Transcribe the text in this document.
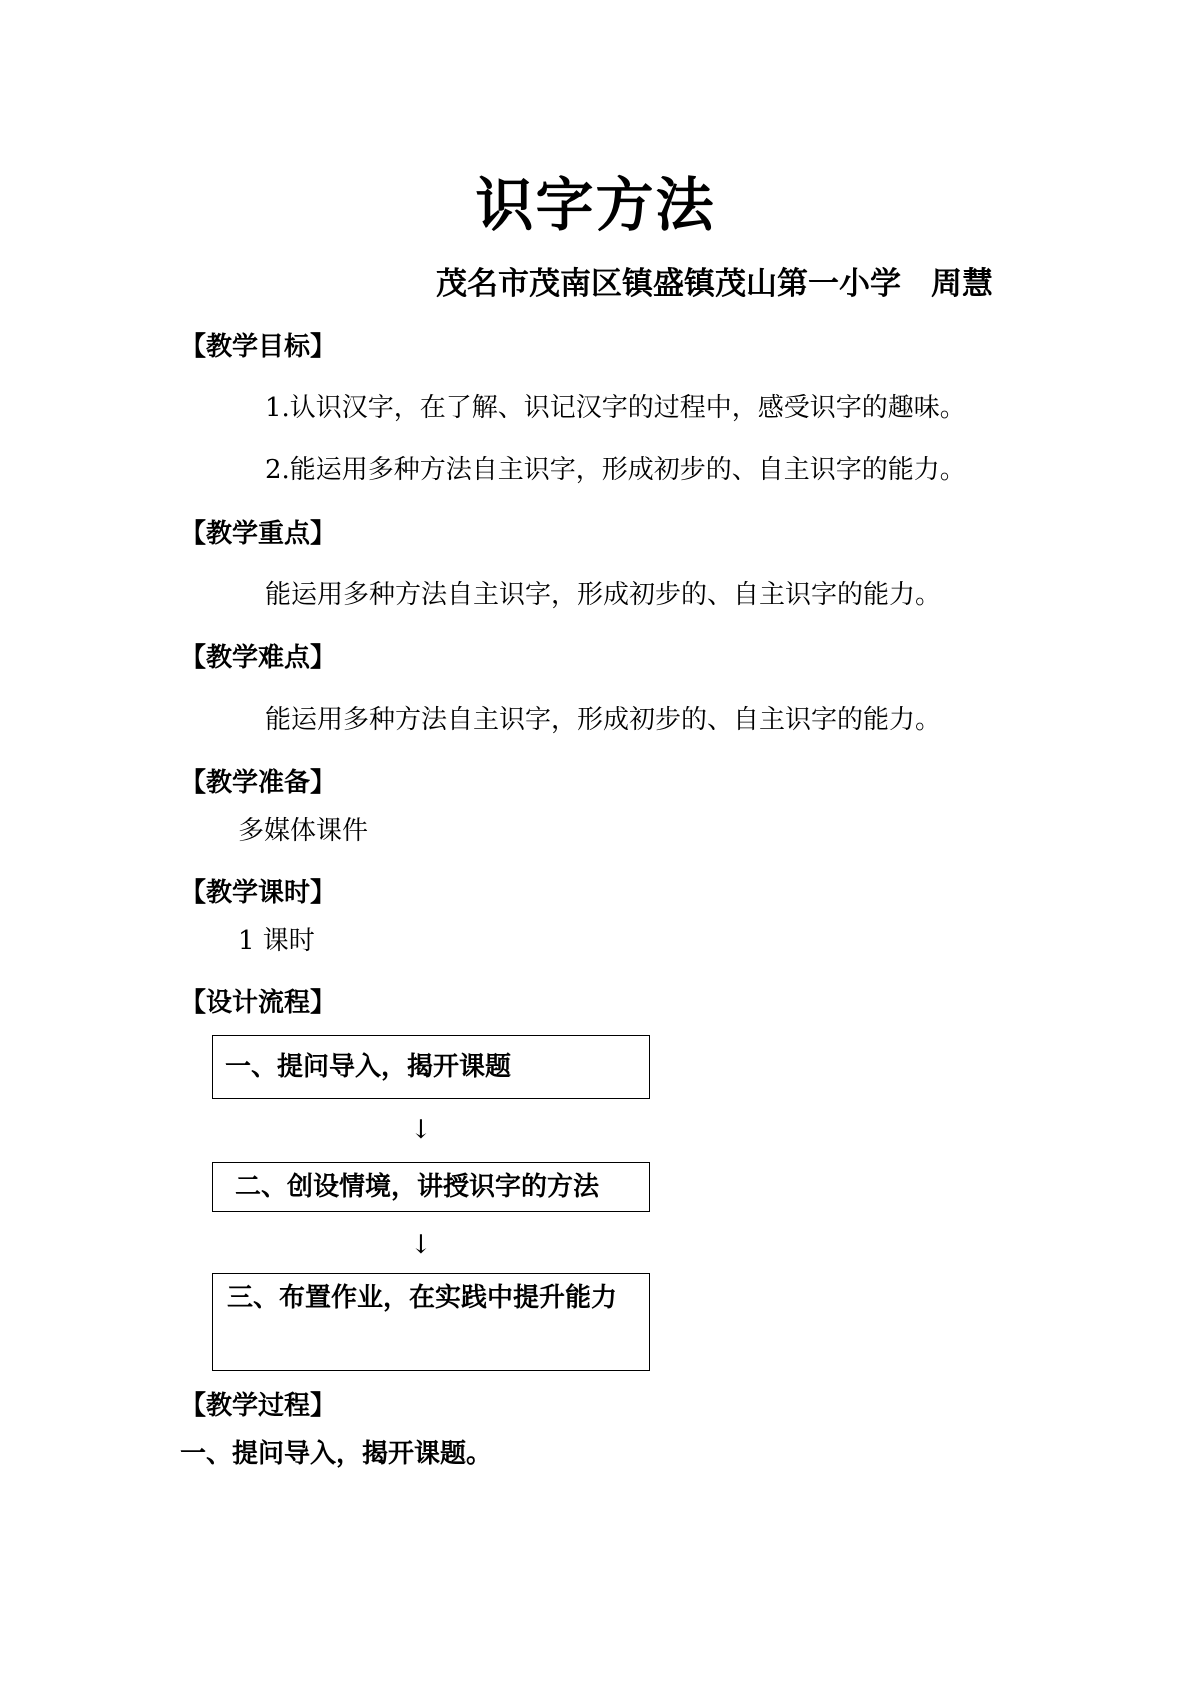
识字方法
茂名市茂南区镇盛镇茂山第一小学 周慧
【教学目标】
1.认识汉字，在了解、识记汉字的过程中，感受识字的趣味。
2.能运用多种方法自主识字，形成初步的、自主识字的能力。
【教学重点】
能运用多种方法自主识字，形成初步的、自主识字的能力。
【教学难点】
能运用多种方法自主识字，形成初步的、自主识字的能力。
【教学准备】
多媒体课件
【教学课时】
1 课时
【设计流程】
一、提问导入，揭开课题
↓
二、创设情境，讲授识字的方法
↓
三、布置作业，在实践中提升能力
【教学过程】
一、提问导入，揭开课题。
